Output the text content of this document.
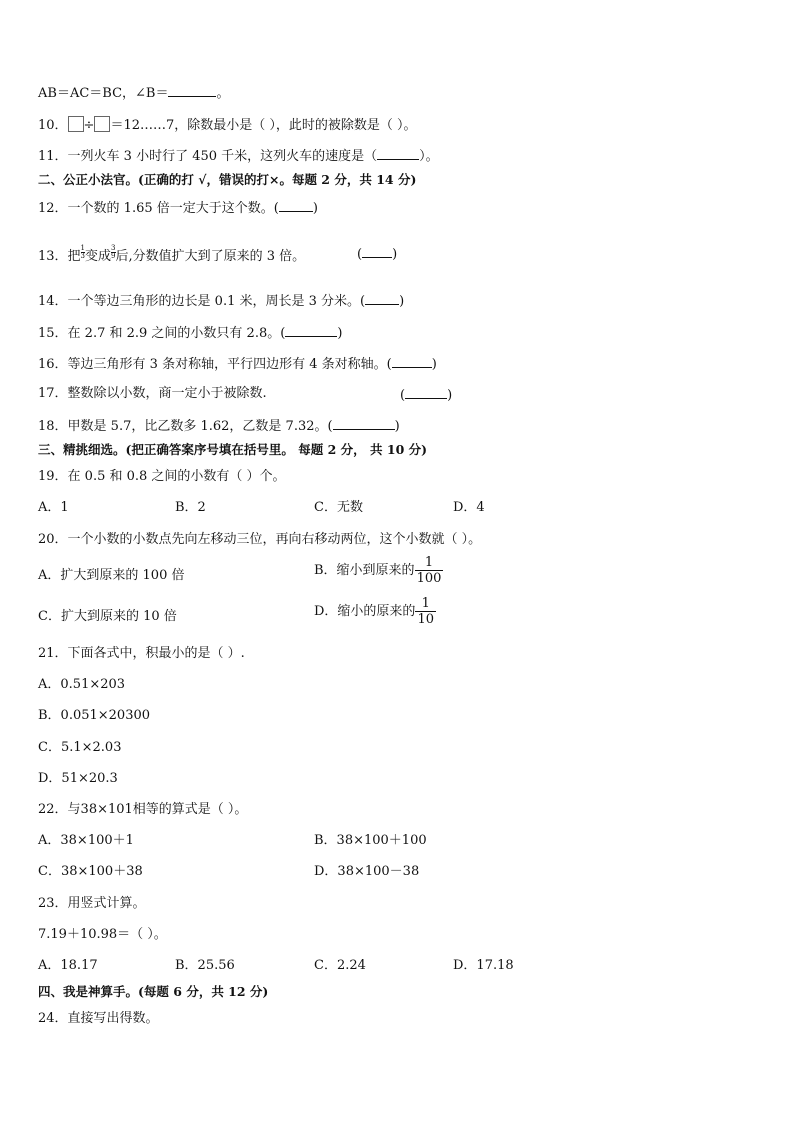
AB＝AC＝BC，∠B＝	。
10． ÷ ＝12……7，除数最小是（ ），此时的被除数是（ ）。
11．一列火车 3 小时行了 450 千米，这列火车的速度是（	）。
二、公正小法官。(正确的打 √，错误的打×。每题 2 分，共 14 分)
12．一个数的 1.65 倍一定大于这个数。(	)
13．把 $\frac{1}{3}$ 变成 $\frac{3}{9}$ 后,分数值扩大到了原来的 3 倍。	( )
14．一个等边三角形的边长是 0.1 米，周长是 3 分米。(	)
15．在 2.7 和 2.9 之间的小数只有 2.8。(	)
16．等边三角形有 3 条对称轴，平行四边形有 4 条对称轴。(	)
17．整数除以小数，商一定小于被除数.	(	)
18．甲数是 5.7，比乙数多 1.62，乙数是 7.32。(	)
三、精挑细选。(把正确答案序号填在括号里。 每题 2 分， 共 10 分)
19．在 0.5 和 0.8 之间的小数有（ ）个。
A．1	B．2	C．无数	D．4
20．一个小数的小数点先向左移动三位，再向右移动两位，这个小数就（ ）。
A．扩大到原来的 100 倍	B．缩小到原来的 $\frac{1}{100}$
C．扩大到原来的 10 倍	D．缩小的原来的 $\frac{1}{10}$
21．下面各式中，积最小的是（ ）.
A．0.51×203
B．0.051×20300
C．5.1×2.03
D．51×20.3
22．与38×101相等的算式是（ ）。
A．38×100＋1	B．38×100＋100
C．38×100＋38	D．38×100－38
23．用竖式计算。
7.19＋10.98＝（ ）。
A．18.17	B．25.56	C．2.24	D．17.18
四、我是神算手。(每题 6 分，共 12 分)
24．直接写出得数。
